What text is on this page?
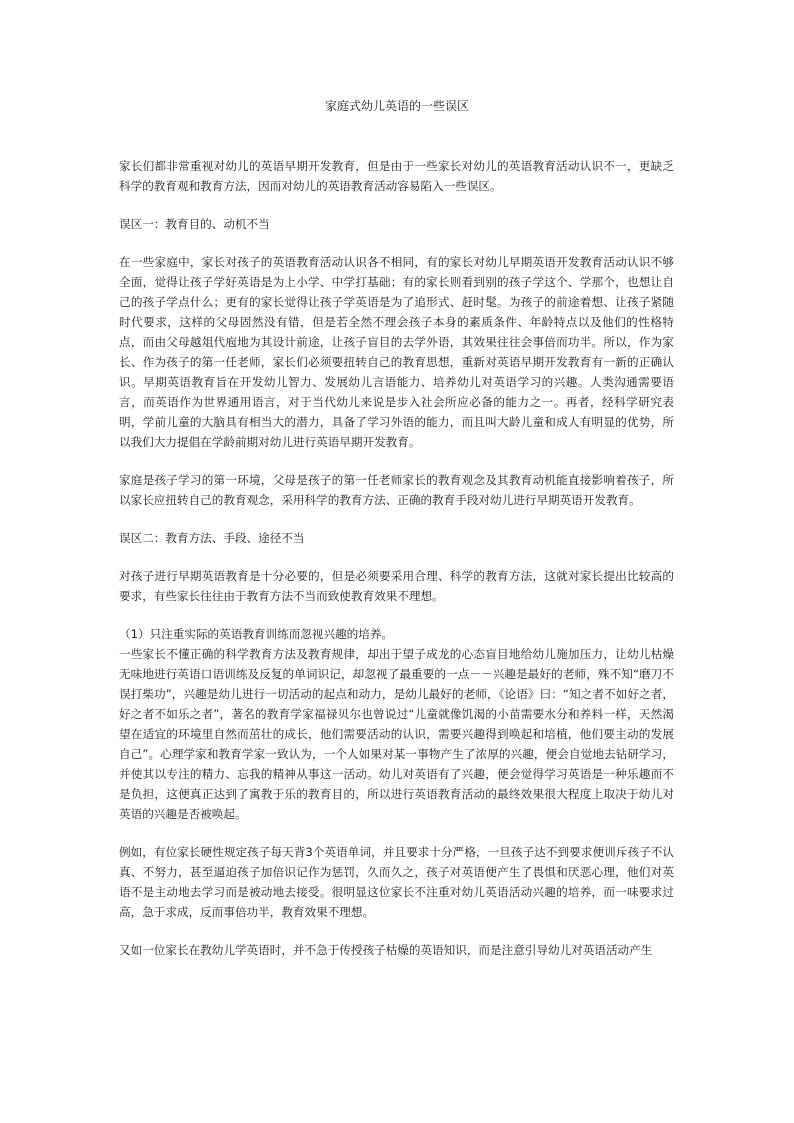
家庭式幼儿英语的一些误区

家长们都非常重视对幼儿的英语早期开发教育，但是由于一些家长对幼儿的英语教育活动认识不一，更缺乏科学的教育观和教育方法，因而对幼儿的英语教育活动容易陷入一些误区。

误区一：教育目的、动机不当

在一些家庭中，家长对孩子的英语教育活动认识各不相同，有的家长对幼儿早期英语开发教育活动认识不够全面，觉得让孩子学好英语是为上小学、中学打基础；有的家长则看到别的孩子学这个、学那个，也想让自己的孩子学点什么；更有的家长觉得让孩子学英语是为了追形式、赶时髦。为孩子的前途着想、让孩子紧随时代要求，这样的父母固然没有错，但是若全然不理会孩子本身的素质条件、年龄特点以及他们的性格特点，而由父母越俎代庖地为其设计前途，让孩子盲目的去学外语，其效果往往会事倍而功半。所以，作为家长、作为孩子的第一任老师，家长们必须要扭转自己的教育思想，重新对英语早期开发教育有一新的正确认识。早期英语教育旨在开发幼儿智力、发展幼儿言语能力、培养幼儿对英语学习的兴趣。人类沟通需要语言，而英语作为世界通用语言，对于当代幼儿来说是步入社会所应必备的能力之一。再者，经科学研究表明，学前儿童的大脑具有相当大的潜力，具备了学习外语的能力，而且叫大龄儿童和成人有明显的优势，所以我们大力提倡在学龄前期对幼儿进行英语早期开发教育。

家庭是孩子学习的第一环境，父母是孩子的第一任老师家长的教育观念及其教育动机能直接影响着孩子，所以家长应扭转自己的教育观念，采用科学的教育方法、正确的教育手段对幼儿进行早期英语开发教育。

误区二：教育方法、手段、途径不当

对孩子进行早期英语教育是十分必要的，但是必须要采用合理、科学的教育方法，这就对家长提出比较高的要求，有些家长往往由于教育方法不当而致使教育效果不理想。

（1）只注重实际的英语教育训练而忽视兴趣的培养。
一些家长不懂正确的科学教育方法及教育规律，却出于望子成龙的心态盲目地给幼儿施加压力，让幼儿枯燥无味地进行英语口语训练及反复的单词识记，却忽视了最重要的一点－－兴趣是最好的老师，殊不知“磨刀不误打柴功”，兴趣是幼儿进行一切活动的起点和动力，是幼儿最好的老师，《论语》曰：“知之者不如好之者，好之者不如乐之者”，著名的教育学家福禄贝尔也曾说过“儿童就像饥渴的小苗需要水分和养料一样，天然渴望在适宜的环境里自然而茁壮的成长，他们需要活动的认识，需要兴趣得到唤起和培植，他们要主动的发展自己”。心理学家和教育学家一致认为，一个人如果对某一事物产生了浓厚的兴趣，便会自觉地去钻研学习，并使其以专注的精力、忘我的精神从事这一活动。幼儿对英语有了兴趣，便会觉得学习英语是一种乐趣而不是负担，这便真正达到了寓教于乐的教育目的，所以进行英语教育活动的最终效果很大程度上取决于幼儿对英语的兴趣是否被唤起。

例如，有位家长硬性规定孩子每天背3个英语单词，并且要求十分严格，一旦孩子达不到要求便训斥孩子不认真、不努力，甚至逼迫孩子加倍识记作为惩罚，久而久之，孩子对英语便产生了畏惧和厌恶心理，他们对英语不是主动地去学习而是被动地去接受。很明显这位家长不注重对幼儿英语活动兴趣的培养，而一味要求过高，急于求成，反而事倍功半，教育效果不理想。

又如一位家长在教幼儿学英语时，并不急于传授孩子枯燥的英语知识，而是注意引导幼儿对英语活动产生
